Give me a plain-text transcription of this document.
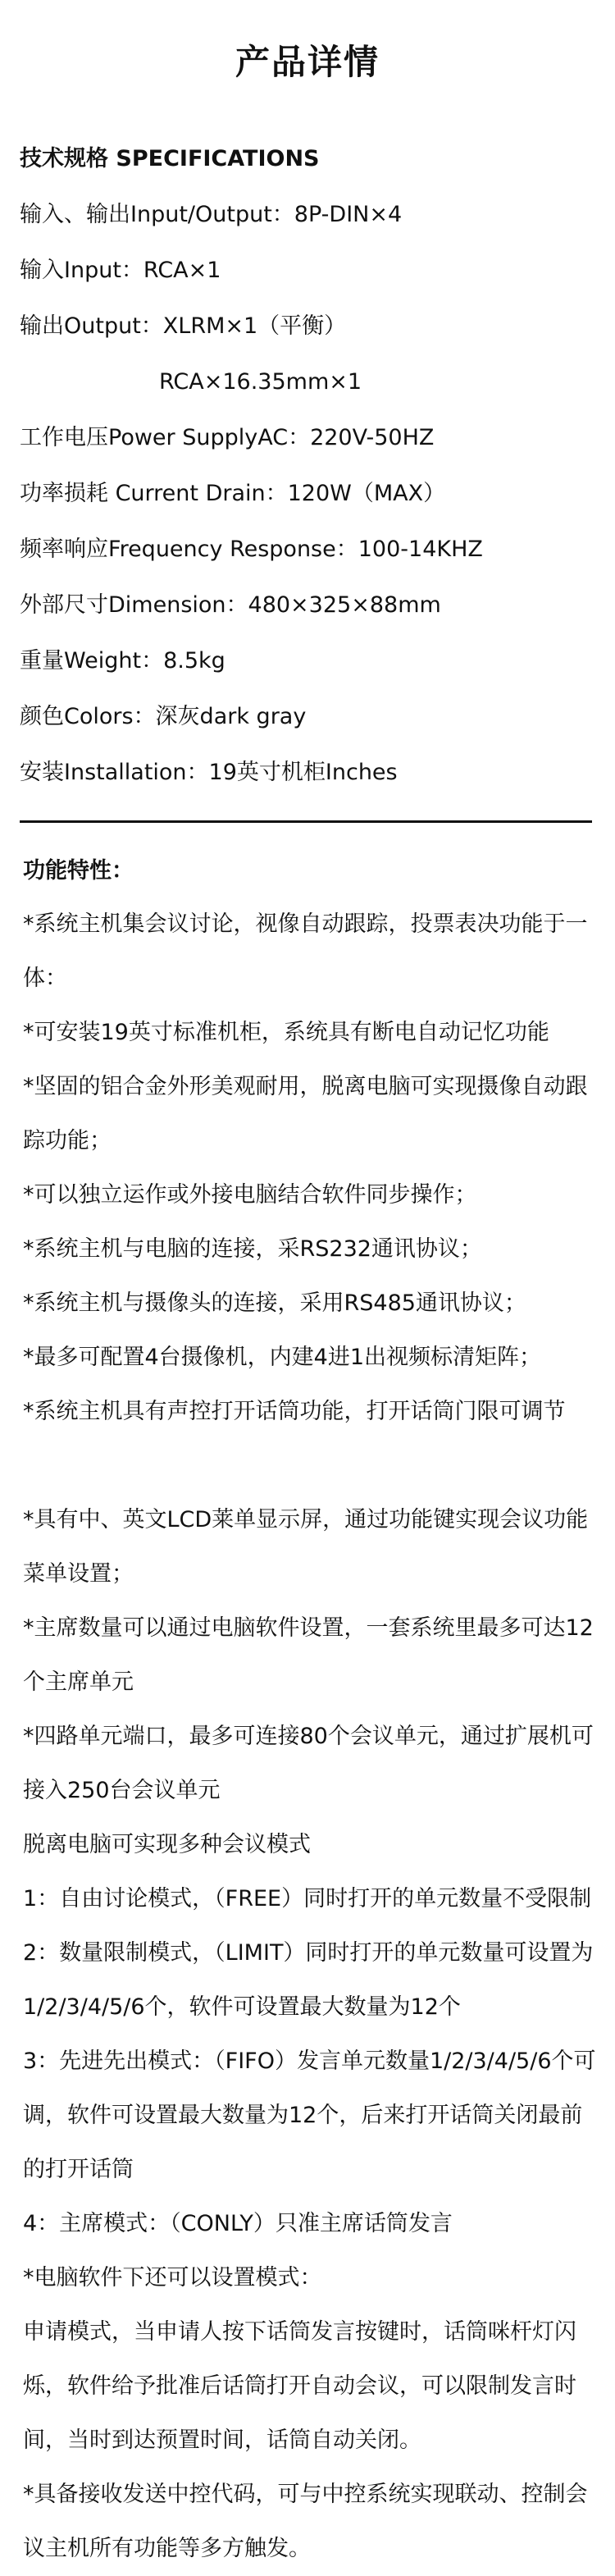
产品详情
技术规格 SPECIFICATIONS
输入、输出Input/Output：8P-DIN×4
输入Input：RCA×1
输出Output：XLRM×1（平衡）
RCA×16.35mm×1
工作电压Power SupplyAC：220V-50HZ
功率损耗 Current Drain：120W（MAX）
频率响应Frequency Response：100-14KHZ
外部尺寸Dimension：480×325×88mm
重量Weight：8.5kg
颜色Colors：深灰dark gray
安装Installation：19英寸机柜Inches
功能特性：
*系统主机集会议讨论，视像自动跟踪，投票表决功能于一体：
*可安装19英寸标准机柜，系统具有断电自动记忆功能
*坚固的铝合金外形美观耐用，脱离电脑可实现摄像自动跟踪功能；
*可以独立运作或外接电脑结合软件同步操作；
*系统主机与电脑的连接，采RS232通讯协议；
*系统主机与摄像头的连接，采用RS485通讯协议；
*最多可配置4台摄像机，内建4进1出视频标清矩阵；
*系统主机具有声控打开话筒功能，打开话筒门限可调节
*具有中、英文LCD莱单显示屏，通过功能键实现会议功能菜单设置；
*主席数量可以通过电脑软件设置，一套系统里最多可达12个主席单元
*四路单元端口，最多可连接80个会议单元，通过扩展机可接入250台会议单元
脱离电脑可实现多种会议模式
1：自由讨论模式，（FREE）同时打开的单元数量不受限制
2：数量限制模式，（LIMIT）同时打开的单元数量可设置为1/2/3/4/5/6个，软件可设置最大数量为12个
3：先进先出模式：（FIFO）发言单元数量1/2/3/4/5/6个可调，软件可设置最大数量为12个，后来打开话筒关闭最前的打开话筒
4：主席模式：（CONLY）只准主席话筒发言
*电脑软件下还可以设置模式：
申请模式，当申请人按下话筒发言按键时，话筒咪杆灯闪烁，软件给予批准后话筒打开自动会议，可以限制发言时间，当时到达预置时间，话筒自动关闭。
*具备接收发送中控代码，可与中控系统实现联动、控制会议主机所有功能等多方触发。
